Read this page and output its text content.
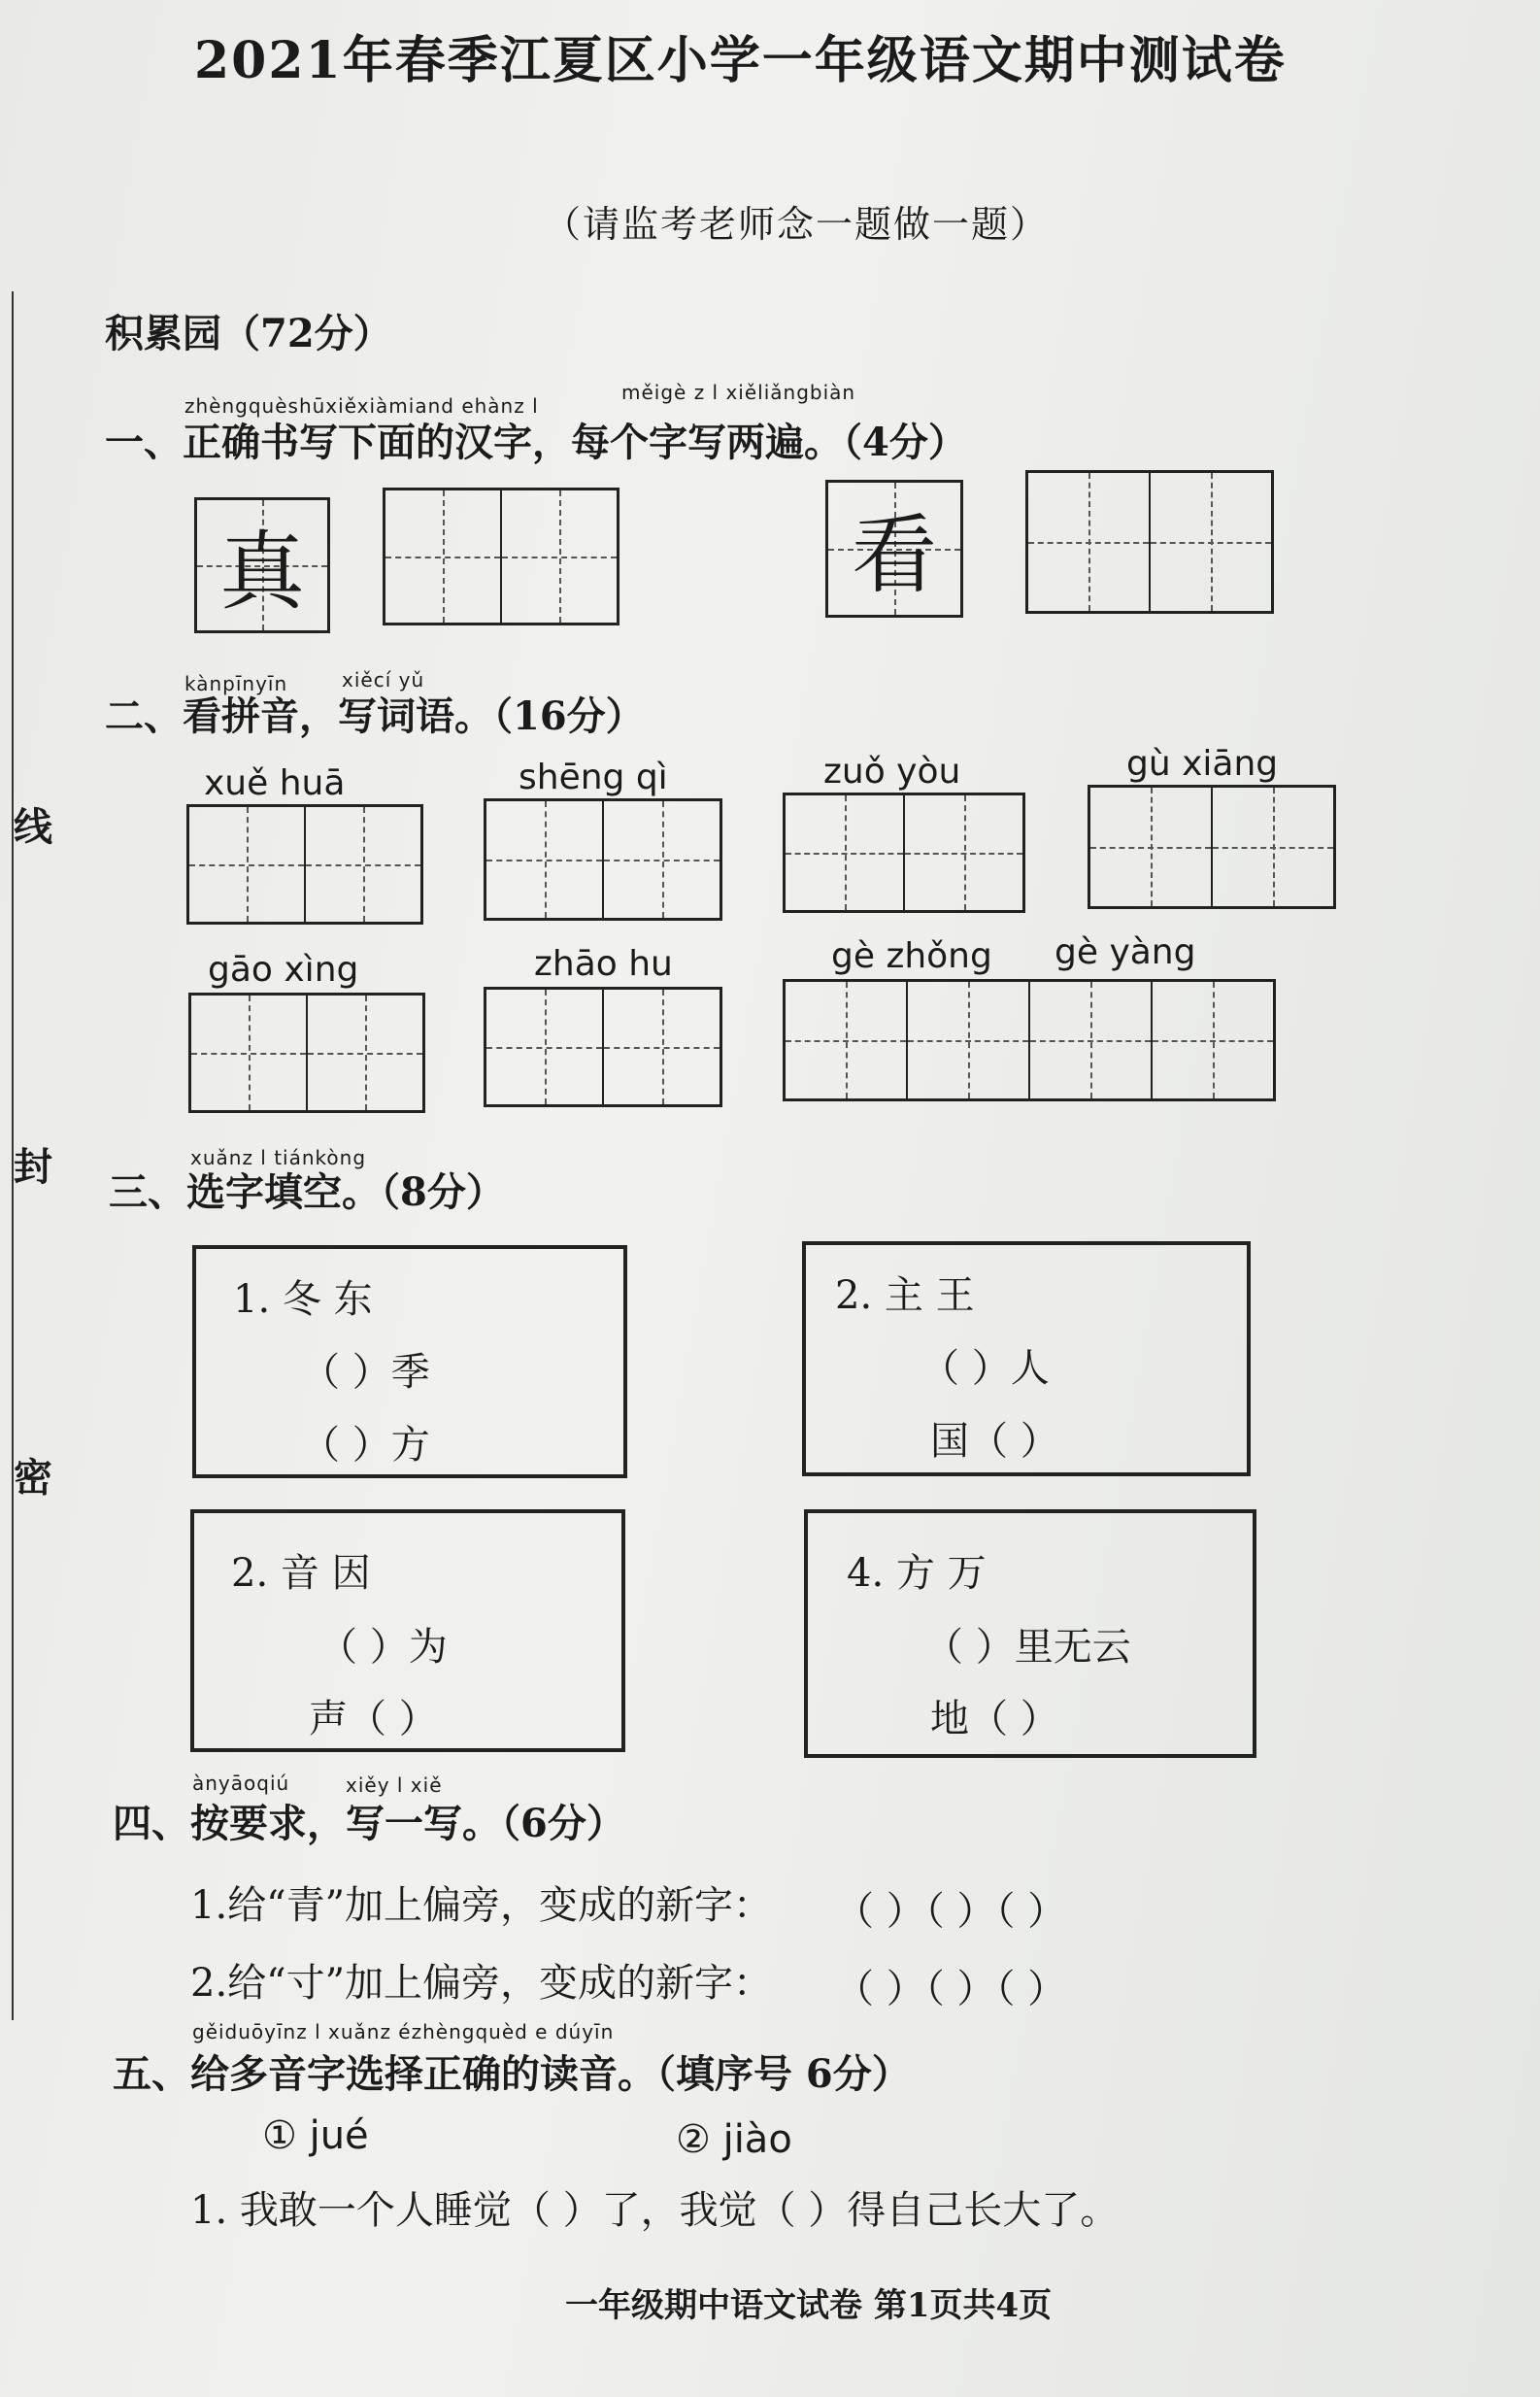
线
封
密
2021年春季江夏区小学一年级语文期中测试卷
（请监考老师念一题做一题）
积累园（72分）
zhèngquèshūxiěxiàmiand ehànz l
měigè z l xiěliǎngbiàn
一、正确书写下面的汉字，每个字写两遍。（4分）
真	看
kànpīnyīn	xiěcí yǔ
二、看拼音，写词语。（16分）
xuě huā	shēng qì	zuǒ yòu	gù xiāng
gāo xìng	zhāo hu	gè zhǒng gè yàng
xuǎnz l tiánkòng
三、选字填空。（8分）
1. 冬 东
（ ）季
（ ）方
2. 主 王
（ ）人
国（ ）
2. 音 因
（ ）为
声（ ）
4. 方 万
（ ）里无云
地（ ）
ànyāoqiú	xiěy l xiě
四、按要求，写一写。（6分）
1.给“青”加上偏旁，变成的新字： （ ）（ ）（ ）
2.给“寸”加上偏旁，变成的新字： （ ）（ ）（ ）
gěiduōyīnz l xuǎnz ézhèngquèd e dúyīn
五、给多音字选择正确的读音。（填序号 6分）
① jué	② jiào
1. 我敢一个人睡觉（ ）了，我觉（ ）得自己长大了。
一年级期中语文试卷 第1页共4页
